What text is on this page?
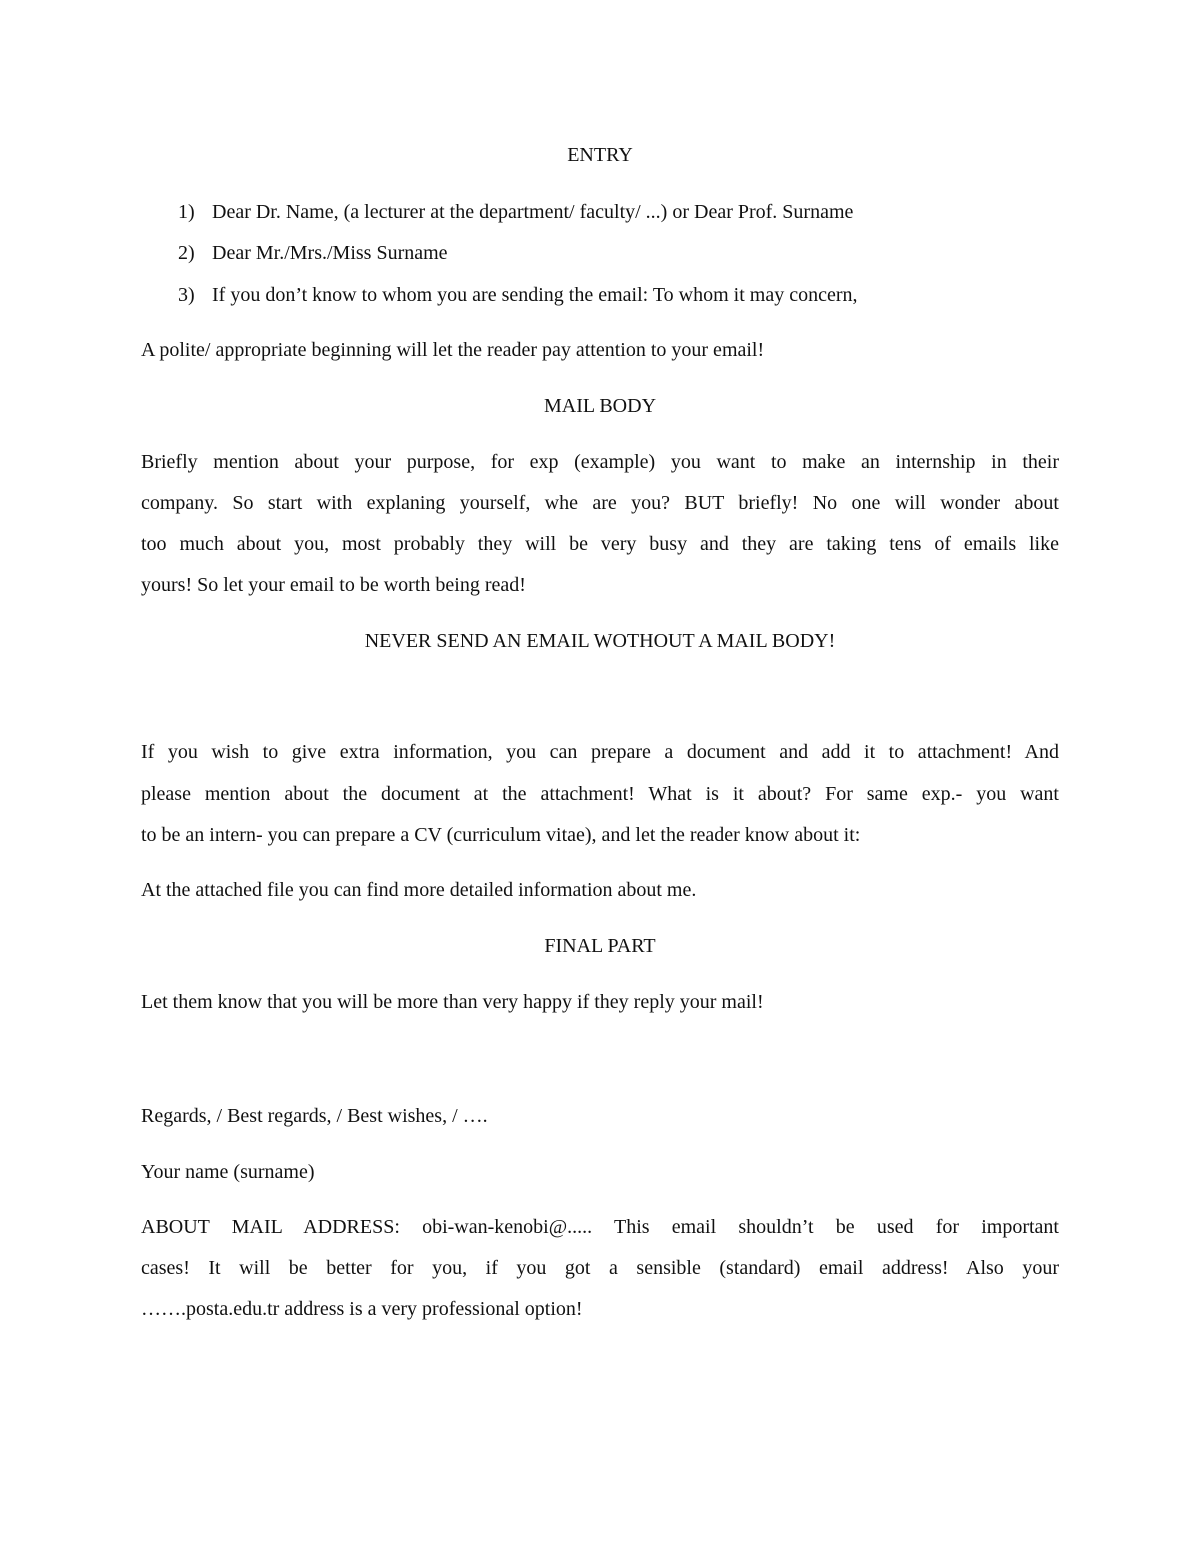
ENTRY
1) Dear Dr. Name, (a lecturer at the department/ faculty/ ...) or Dear Prof. Surname
2) Dear Mr./Mrs./Miss Surname
3) If you don’t know to whom you are sending the email: To whom it may concern,
A polite/ appropriate beginning will let the reader pay attention to your email!
MAIL BODY
Briefly mention about your purpose, for exp (example) you want to make an internship in their
company. So start with explaning yourself, whe are you? BUT briefly! No one will wonder about
too much about you, most probably they will be very busy and they are taking tens of emails like
yours! So let your email to be worth being read!
NEVER SEND AN EMAIL WOTHOUT A MAIL BODY!
If you wish to give extra information, you can prepare a document and add it to attachment! And
please mention about the document at the attachment! What is it about? For same exp.- you want
to be an intern- you can prepare a CV (curriculum vitae), and let the reader know about it:
At the attached file you can find more detailed information about me.
FINAL PART
Let them know that you will be more than very happy if they reply your mail!
Regards, / Best regards, / Best wishes, / ….
Your name (surname)
ABOUT MAIL ADDRESS: obi-wan-kenobi@..... This email shouldn’t be used for important
cases! It will be better for you, if you got a sensible (standard) email address! Also your
…….posta.edu.tr address is a very professional option!
